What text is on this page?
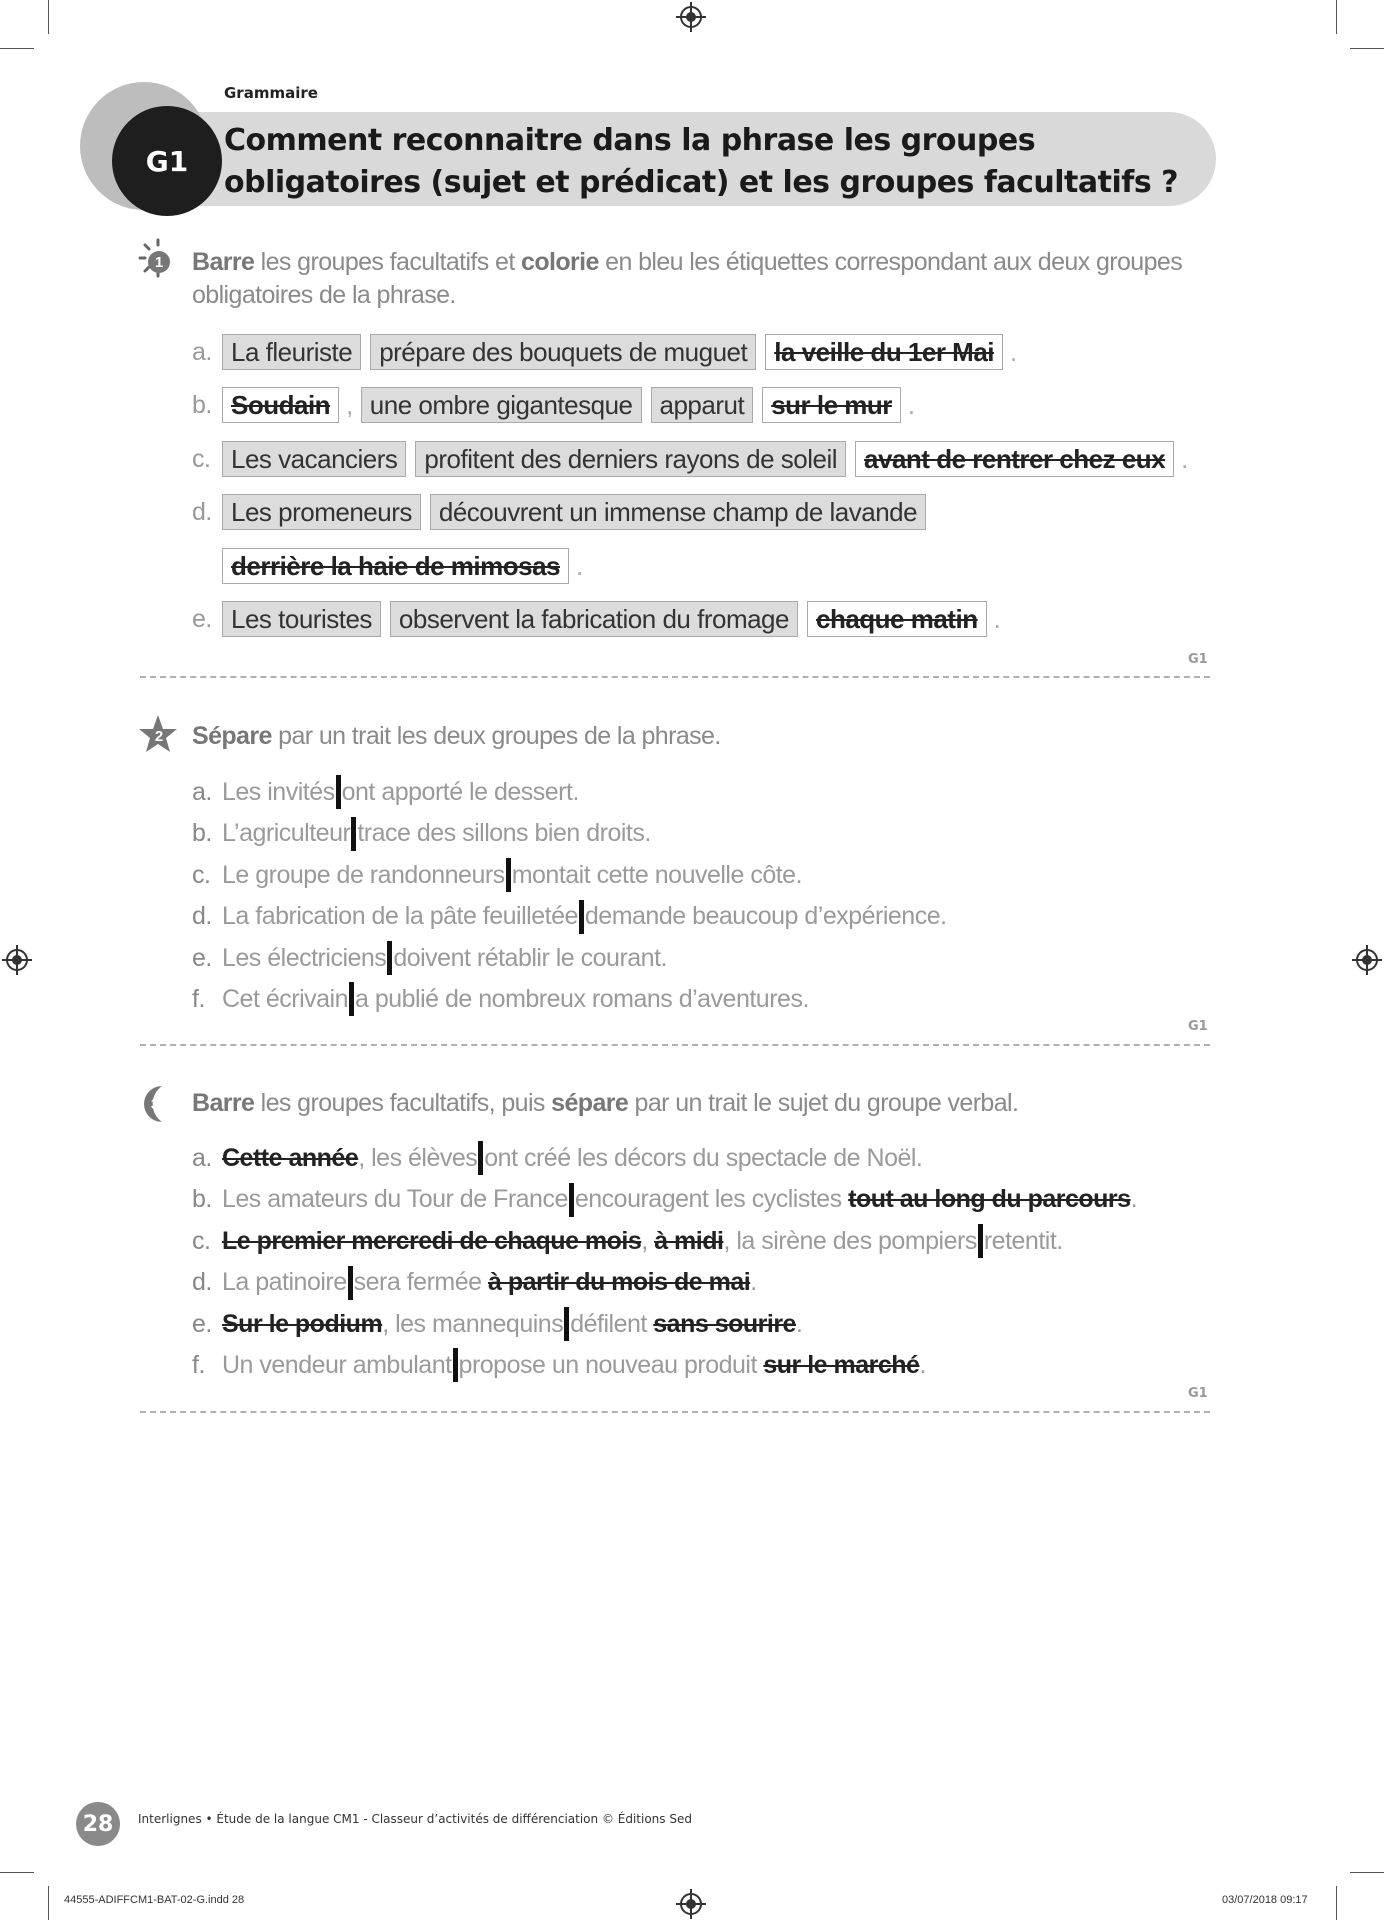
G1
Grammaire
Comment reconnaitre dans la phrase les groupes obligatoires (sujet et prédicat) et les groupes facultatifs ?
1 Barre les groupes facultatifs et colorie en bleu les étiquettes correspondant aux deux groupes obligatoires de la phrase.
a. La fleuriste	prépare des bouquets de muguet	la veille du 1er Mai .
b. Soudain , une ombre gigantesque	apparut	sur le mur .
c. Les vacanciers	profitent des derniers rayons de soleil	avant de rentrer chez eux .
d. Les promeneurs	découvrent un immense champ de lavande
derrière la haie de mimosas .
e. Les touristes	observent la fabrication du fromage	chaque matin .
G1
2 Sépare par un trait les deux groupes de la phrase.
a. Les invités ont apporté le dessert.
b. L’agriculteur trace des sillons bien droits.
c. Le groupe de randonneurs montait cette nouvelle côte.
d. La fabrication de la pâte feuilletée demande beaucoup d’expérience.
e. Les électriciens doivent rétablir le courant.
f. Cet écrivain a publié de nombreux romans d’aventures.
G1
3 Barre les groupes facultatifs, puis sépare par un trait le sujet du groupe verbal.
a. Cette année, les élèves ont créé les décors du spectacle de Noël.
b. Les amateurs du Tour de France encouragent les cyclistes tout au long du parcours.
c. Le premier mercredi de chaque mois, à midi, la sirène des pompiers retentit.
d. La patinoire sera fermée à partir du mois de mai.
e. Sur le podium, les mannequins défilent sans sourire.
f. Un vendeur ambulant propose un nouveau produit sur le marché.
G1
28	Interlignes • Étude de la langue CM1 - Classeur d’activités de différenciation © Éditions Sed
44555-ADIFFCM1-BAT-02-G.indd 28	03/07/2018 09:17
